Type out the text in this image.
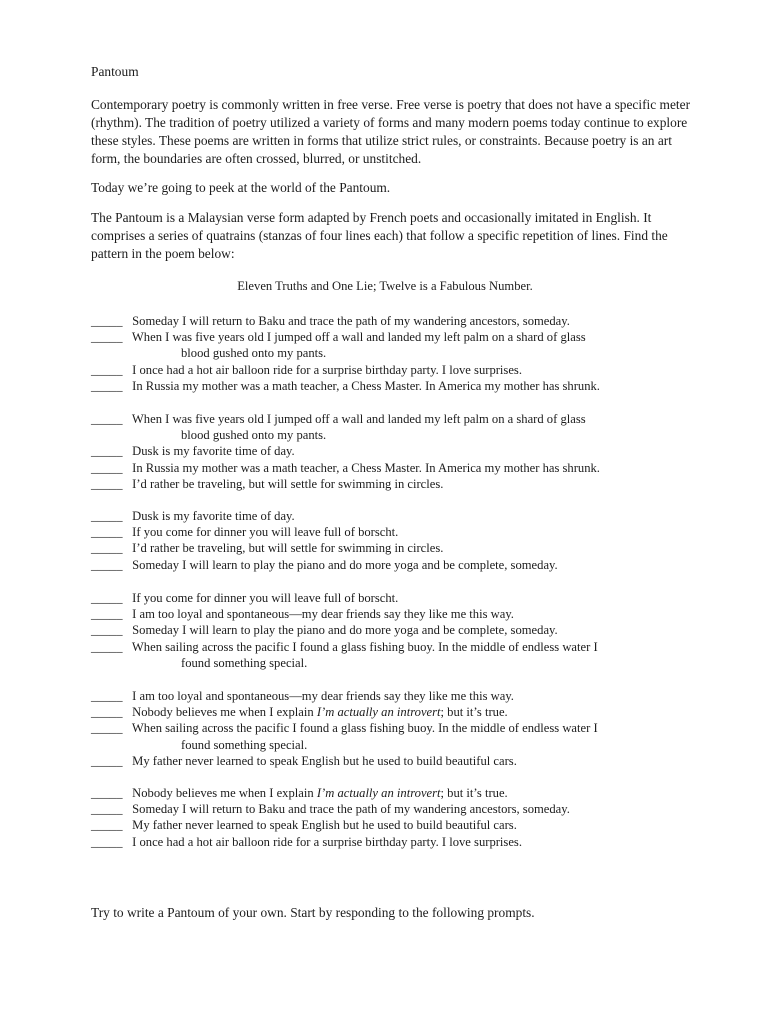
Pantoum

Contemporary poetry is commonly written in free verse. Free verse is poetry that does not have a specific meter (rhythm). The tradition of poetry utilized a variety of forms and many modern poems today continue to explore these styles. These poems are written in forms that utilize strict rules, or constraints. Because poetry is an art form, the boundaries are often crossed, blurred, or unstitched.

Today we’re going to peek at the world of the Pantoum.

The Pantoum is a Malaysian verse form adapted by French poets and occasionally imitated in English. It comprises a series of quatrains (stanzas of four lines each) that follow a specific repetition of lines. Find the pattern in the poem below:

Eleven Truths and One Lie; Twelve is a Fabulous Number.
_____ Someday I will return to Baku and trace the path of my wandering ancestors, someday.
_____ When I was five years old I jumped off a wall and landed my left palm on a shard of glass
blood gushed onto my pants.
_____ I once had a hot air balloon ride for a surprise birthday party. I love surprises.
_____ In Russia my mother was a math teacher, a Chess Master. In America my mother has shrunk.
_____ When I was five years old I jumped off a wall and landed my left palm on a shard of glass
blood gushed onto my pants.
_____ Dusk is my favorite time of day.
_____ In Russia my mother was a math teacher, a Chess Master. In America my mother has shrunk.
_____ I’d rather be traveling, but will settle for swimming in circles.
_____ Dusk is my favorite time of day.
_____ If you come for dinner you will leave full of borscht.
_____ I’d rather be traveling, but will settle for swimming in circles.
_____ Someday I will learn to play the piano and do more yoga and be complete, someday.
_____ If you come for dinner you will leave full of borscht.
_____ I am too loyal and spontaneous—my dear friends say they like me this way.
_____ Someday I will learn to play the piano and do more yoga and be complete, someday.
_____ When sailing across the pacific I found a glass fishing buoy. In the middle of endless water I
found something special.
_____ I am too loyal and spontaneous—my dear friends say they like me this way.
_____ Nobody believes me when I explain I’m actually an introvert; but it’s true.
_____ When sailing across the pacific I found a glass fishing buoy. In the middle of endless water I
found something special.
_____ My father never learned to speak English but he used to build beautiful cars.
_____ Nobody believes me when I explain I’m actually an introvert; but it’s true.
_____ Someday I will return to Baku and trace the path of my wandering ancestors, someday.
_____ My father never learned to speak English but he used to build beautiful cars.
_____ I once had a hot air balloon ride for a surprise birthday party. I love surprises.
Try to write a Pantoum of your own. Start by responding to the following prompts.
